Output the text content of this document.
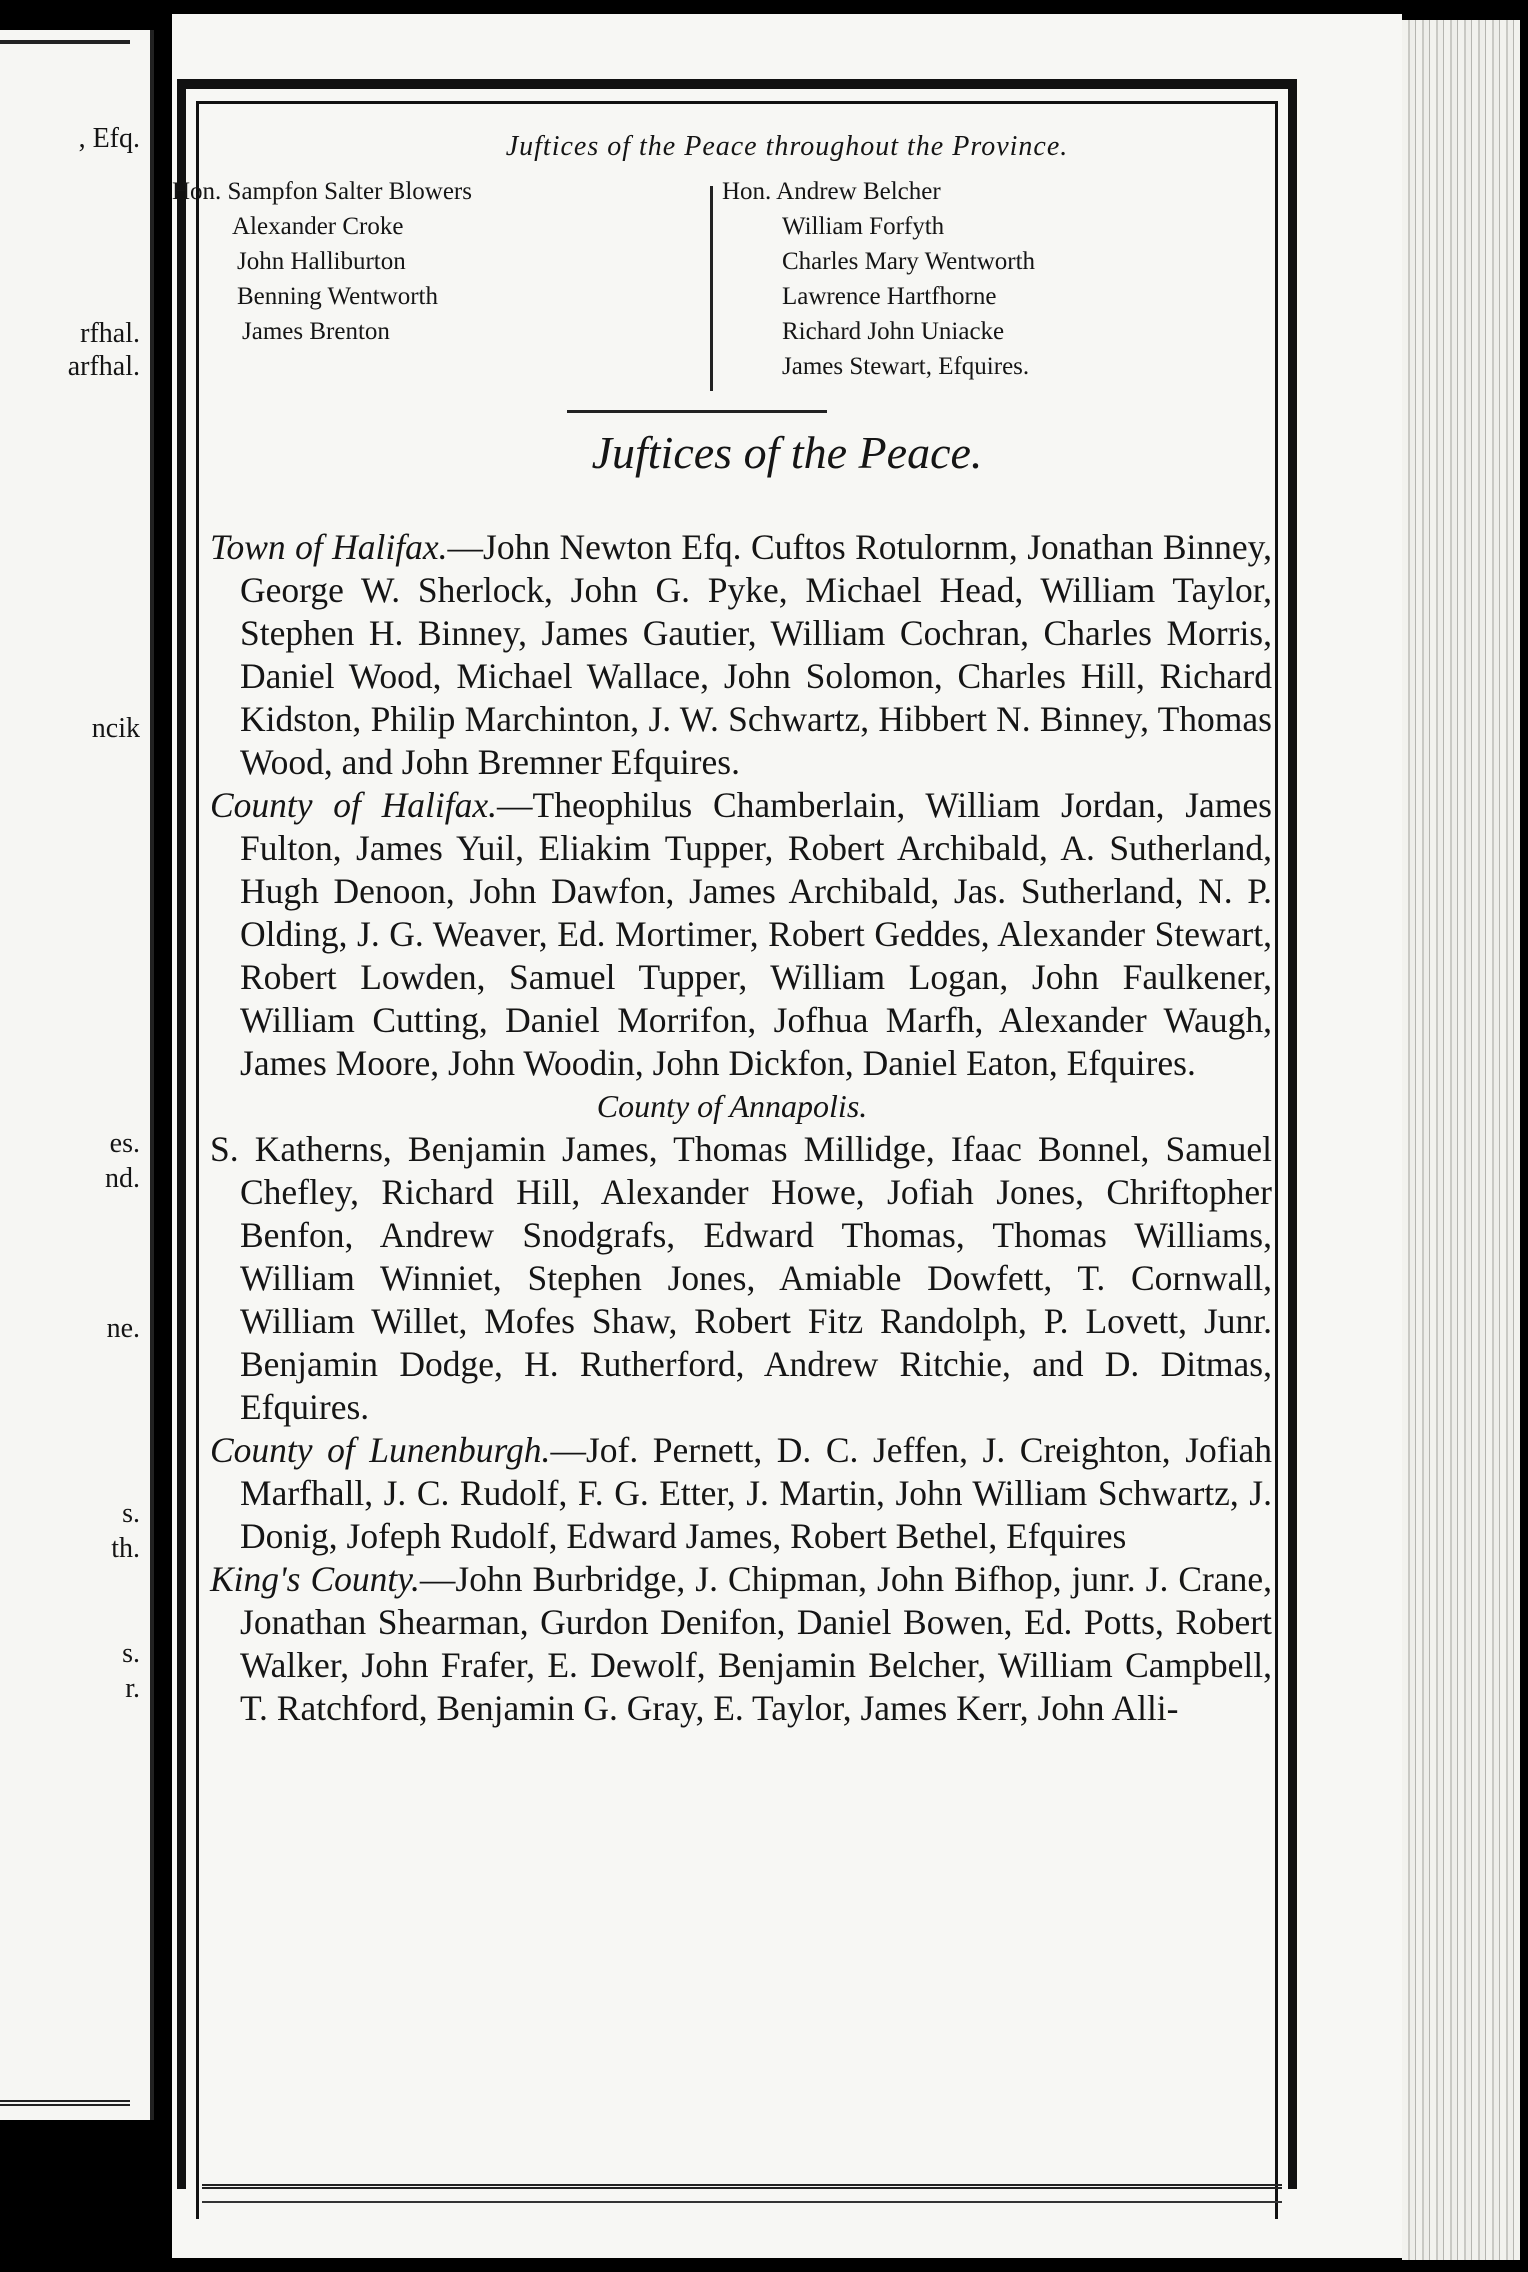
, Efq.
rfhal.
arfhal.
ncik
es.
nd.
ne.
s.
th.
s.
r.
Juftices of the Peace throughout the Province.
Hon. Sampfon Salter Blowers
Alexander Croke
John Halliburton
Benning Wentworth
James Brenton
Hon. Andrew Belcher
William Forfyth
Charles Mary Wentworth
Lawrence Hartfhorne
Richard John Uniacke
James Stewart, Efquires.
Juftices of the Peace.

Town of Halifax.—John Newton Efq. Cuftos Rotulornm, Jonathan Binney, George W. Sherlock, John G. Pyke, Michael Head, William Taylor, Stephen H. Binney, James Gautier, William Cochran, Charles Morris, Daniel Wood, Michael Wallace, John Solomon, Charles Hill, Richard Kidston, Philip Marchinton, J. W. Schwartz, Hibbert N. Binney, Thomas Wood, and John Bremner Efquires.

County of Halifax.—Theophilus Chamberlain, William Jordan, James Fulton, James Yuil, Eliakim Tupper, Robert Archibald, A. Sutherland, Hugh Denoon, John Dawfon, James Archibald, Jas. Sutherland, N. P. Olding, J. G. Weaver, Ed. Mortimer, Robert Geddes, Alexander Stewart, Robert Lowden, Samuel Tupper, William Logan, John Faulkener, William Cutting, Daniel Morrifon, Jofhua Marfh, Alexander Waugh, James Moore, John Woodin, John Dickfon, Daniel Eaton, Efquires.

County of Annapolis.

S. Katherns, Benjamin James, Thomas Millidge, Ifaac Bonnel, Samuel Chefley, Richard Hill, Alexander Howe, Jofiah Jones, Chriftopher Benfon, Andrew Snodgrafs, Edward Thomas, Thomas Williams, William Winniet, Stephen Jones, Amiable Dowfett, T. Cornwall, William Willet, Mofes Shaw, Robert Fitz Randolph, P. Lovett, Junr. Benjamin Dodge, H. Rutherford, Andrew Ritchie, and D. Ditmas, Efquires.

County of Lunenburgh.—Jof. Pernett, D. C. Jeffen, J. Creighton, Jofiah Marfhall, J. C. Rudolf, F. G. Etter, J. Martin, John William Schwartz, J. Donig, Jofeph Rudolf, Edward James, Robert Bethel, Efquires

King's County.—John Burbridge, J. Chipman, John Bifhop, junr. J. Crane, Jonathan Shearman, Gurdon Denifon, Daniel Bowen, Ed. Potts, Robert Walker, John Frafer, E. Dewolf, Benjamin Belcher, William Campbell, T. Ratchford, Benjamin G. Gray, E. Taylor, James Kerr, John Alli-
